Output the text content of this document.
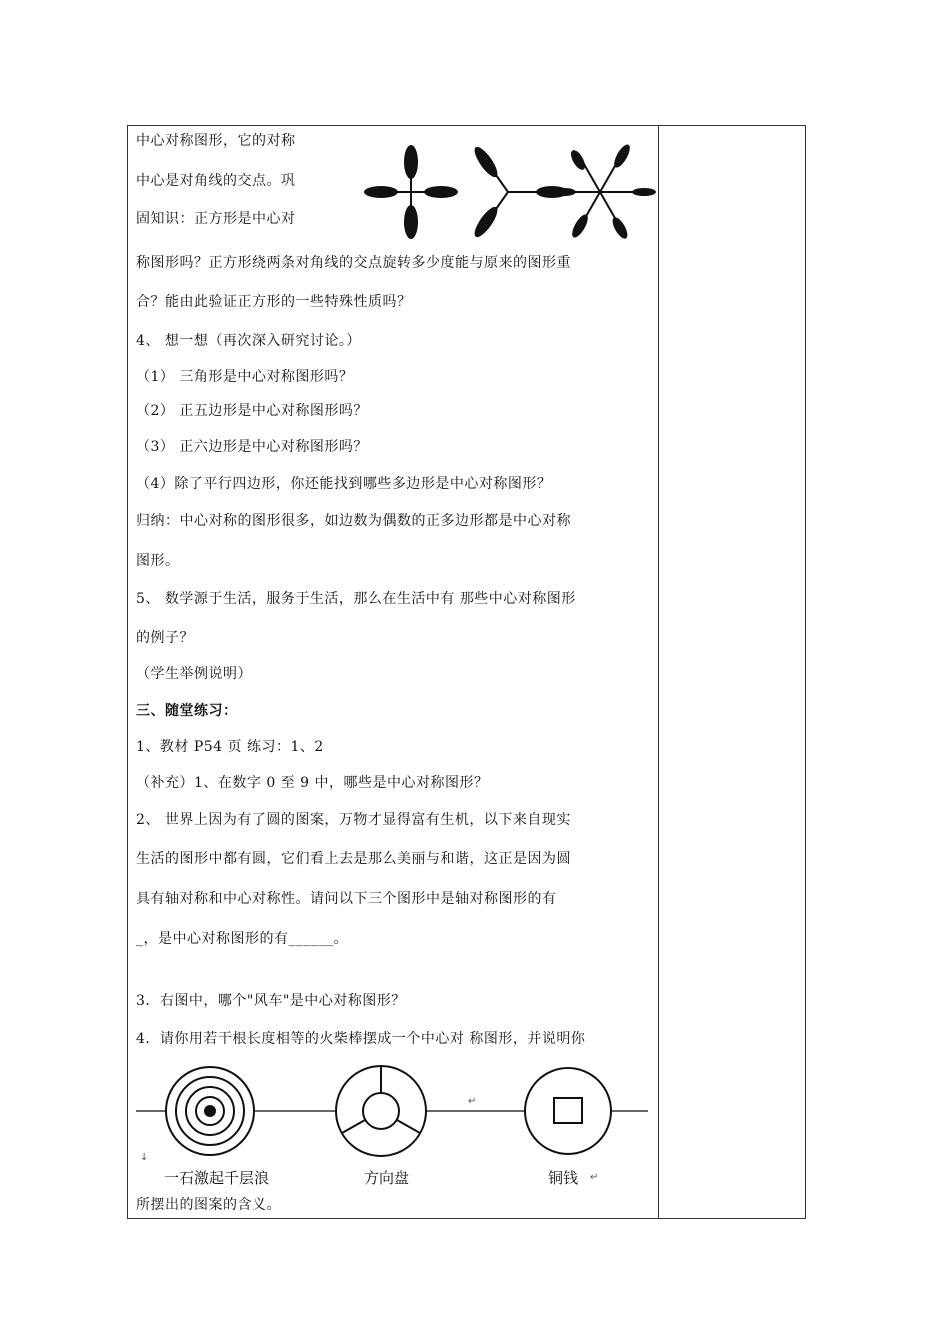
中心对称图形，它的对称
中心是对角线的交点。巩
固知识：正方形是中心对
称图形吗？正方形绕两条对角线的交点旋转多少度能与原来的图形重
合？能由此验证正方形的一些特殊性质吗？
4、 想一想（再次深入研究讨论。）
（1） 三角形是中心对称图形吗？
（2） 正五边形是中心对称图形吗？
（3） 正六边形是中心对称图形吗？
（4）除了平行四边形，你还能找到哪些多边形是中心对称图形？
归纳：中心对称的图形很多，如边数为偶数的正多边形都是中心对称
图形。
5、 数学源于生活，服务于生活，那么在生活中有 那些中心对称图形
的例子？
（学生举例说明）
三、随堂练习：
1、教材 P54 页 练习：1、2
（补充）1、在数字 0 至 9 中，哪些是中心对称图形？
2、 世界上因为有了圆的图案，万物才显得富有生机，以下来自现实
生活的图形中都有圆，它们看上去是那么美丽与和谐，这正是因为圆
具有轴对称和中心对称性。请问以下三个图形中是轴对称图形的有
_，是中心对称图形的有______。
3．右图中，哪个"风车"是中心对称图形？
4．请你用若干根长度相等的火柴棒摆成一个中心对 称图形，并说明你
所摆出的图案的含义。
一石激起千层浪	方向盘	铜钱
↵
↵
↓
